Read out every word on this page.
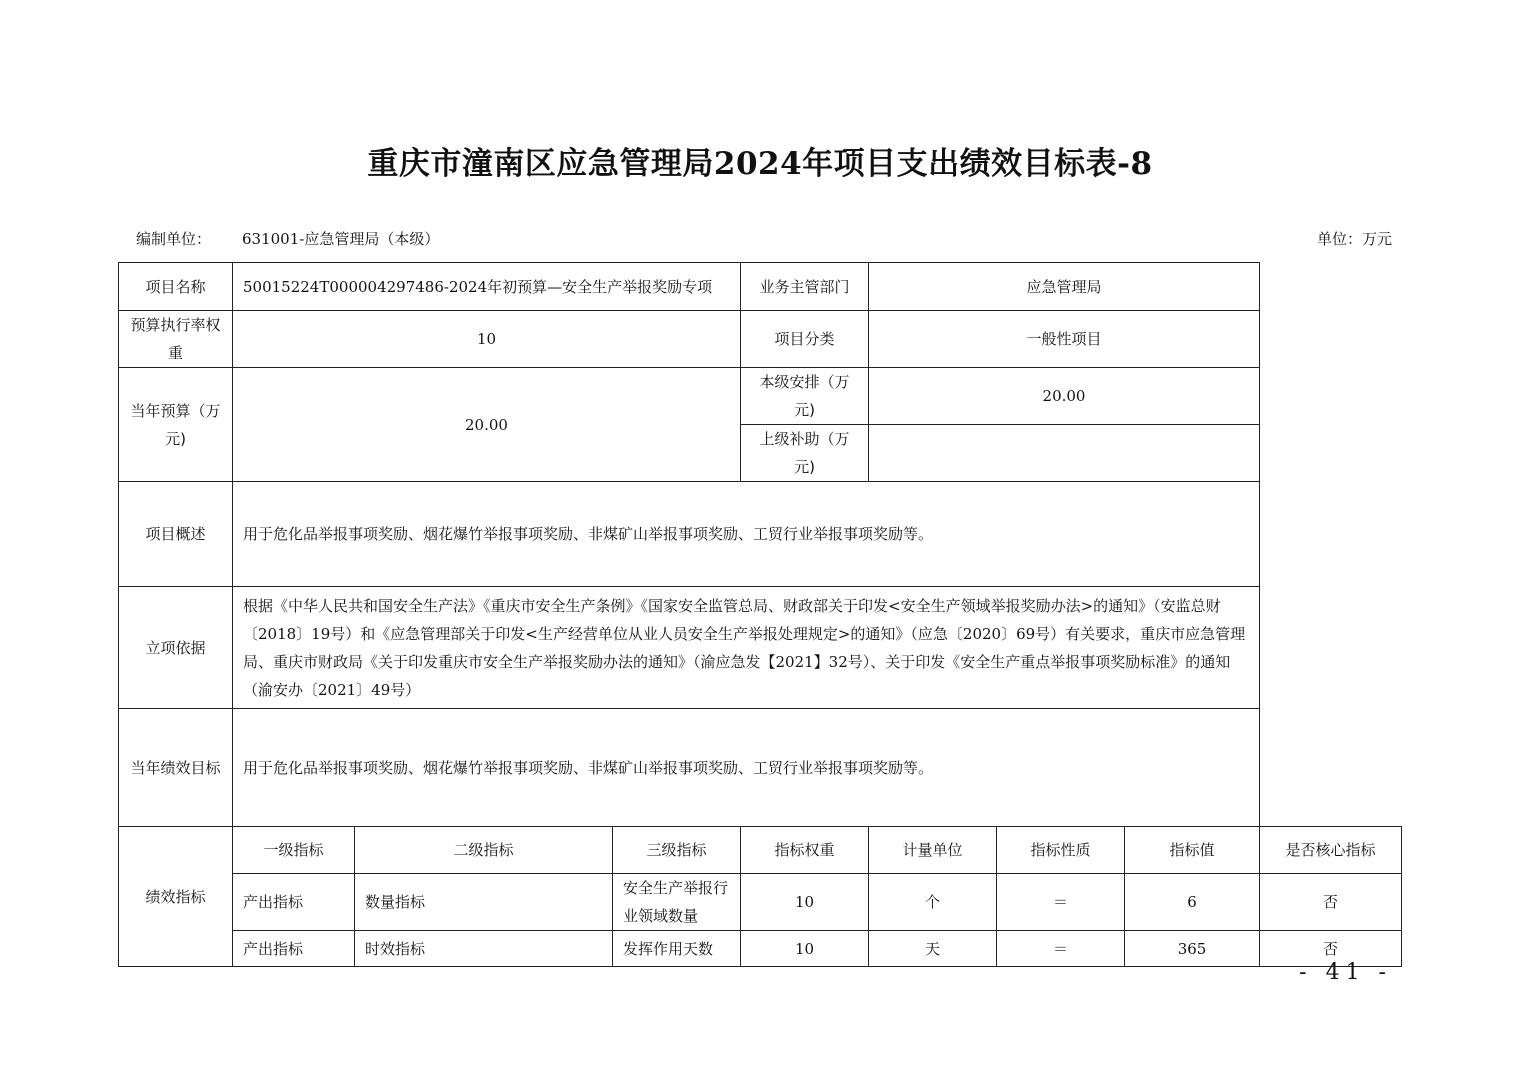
重庆市潼南区应急管理局2024年项目支出绩效目标表-8
编制单位： 631001-应急管理局（本级）	单位：万元
项目名称	50015224T000004297486-2024年初预算—安全生产举报奖励专项			业务主管部门	应急管理局			
预算执行率权重	10			项目分类	一般性项目			
当年预算（万元)	20.00			本级安排（万元)	20.00			
				上级补助（万元)				
项目概述	用于危化品举报事项奖励、烟花爆竹举报事项奖励、非煤矿山举报事项奖励、工贸行业举报事项奖励等。							
立项依据	根据《中华人民共和国安全生产法》《重庆市安全生产条例》《国家安全监管总局、财政部关于印发<安全生产领域举报奖励办法>的通知》（安监总财〔2018〕19号）和《应急管理部关于印发<生产经营单位从业人员安全生产举报处理规定>的通知》（应急〔2020〕69号）有关要求，重庆市应急管理局、重庆市财政局《关于印发重庆市安全生产举报奖励办法的通知》（渝应急发【2021】32号）、关于印发《安全生产重点举报事项奖励标准》的通知 （渝安办〔2021〕49号）							
当年绩效目标	用于危化品举报事项奖励、烟花爆竹举报事项奖励、非煤矿山举报事项奖励、工贸行业举报事项奖励等。							
绩效指标	一级指标	二级指标	三级指标	指标权重	计量单位	指标性质	指标值	是否核心指标
	产出指标	数量指标	安全生产举报行业领域数量	10	个	＝	6	否
	产出指标	时效指标	发挥作用天数	10	天	＝	365	否
- 41 -
